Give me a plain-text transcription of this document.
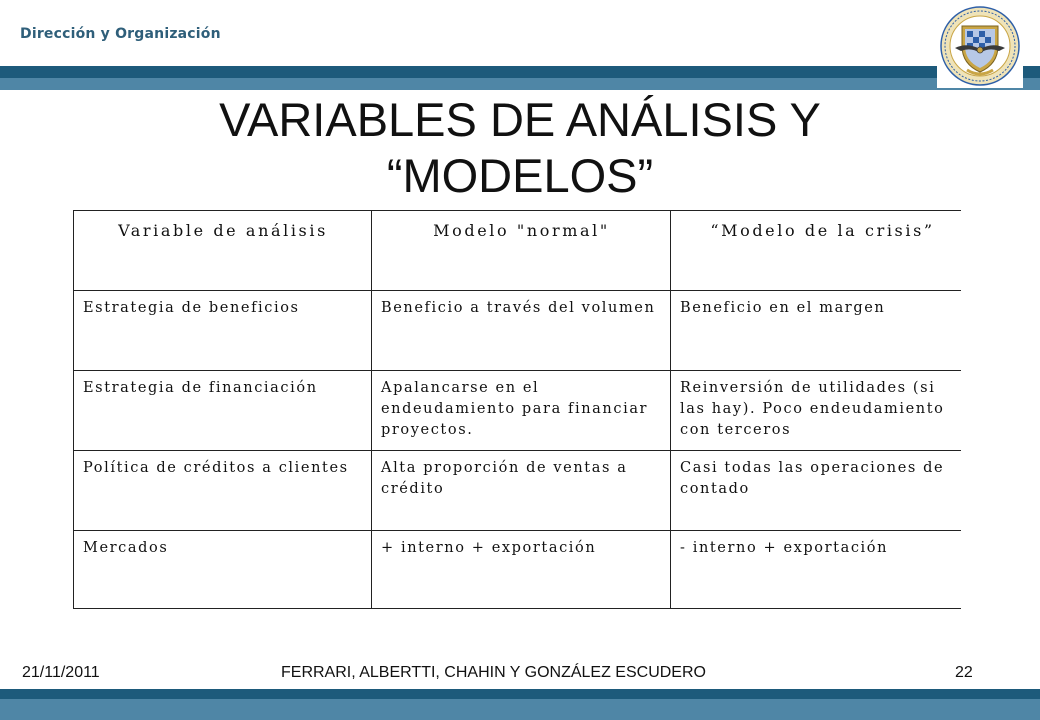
Dirección y Organización
VARIABLES DE ANÁLISIS Y
“MODELOS”
Variable de análisis	Modelo "normal"	“Modelo de la crisis”
Estrategia de beneficios	Beneficio a través del volumen	Beneficio en el margen
Estrategia de financiación	Apalancarse en el endeudamiento para financiar proyectos.	Reinversión de utilidades (si las hay). Poco endeudamiento con terceros
Política de créditos a clientes	Alta proporción de ventas a crédito	Casi todas las operaciones de contado
Mercados	+ interno + exportación	- interno + exportación
21/11/2011	FERRARI, ALBERTTI, CHAHIN Y GONZÁLEZ ESCUDERO	22
